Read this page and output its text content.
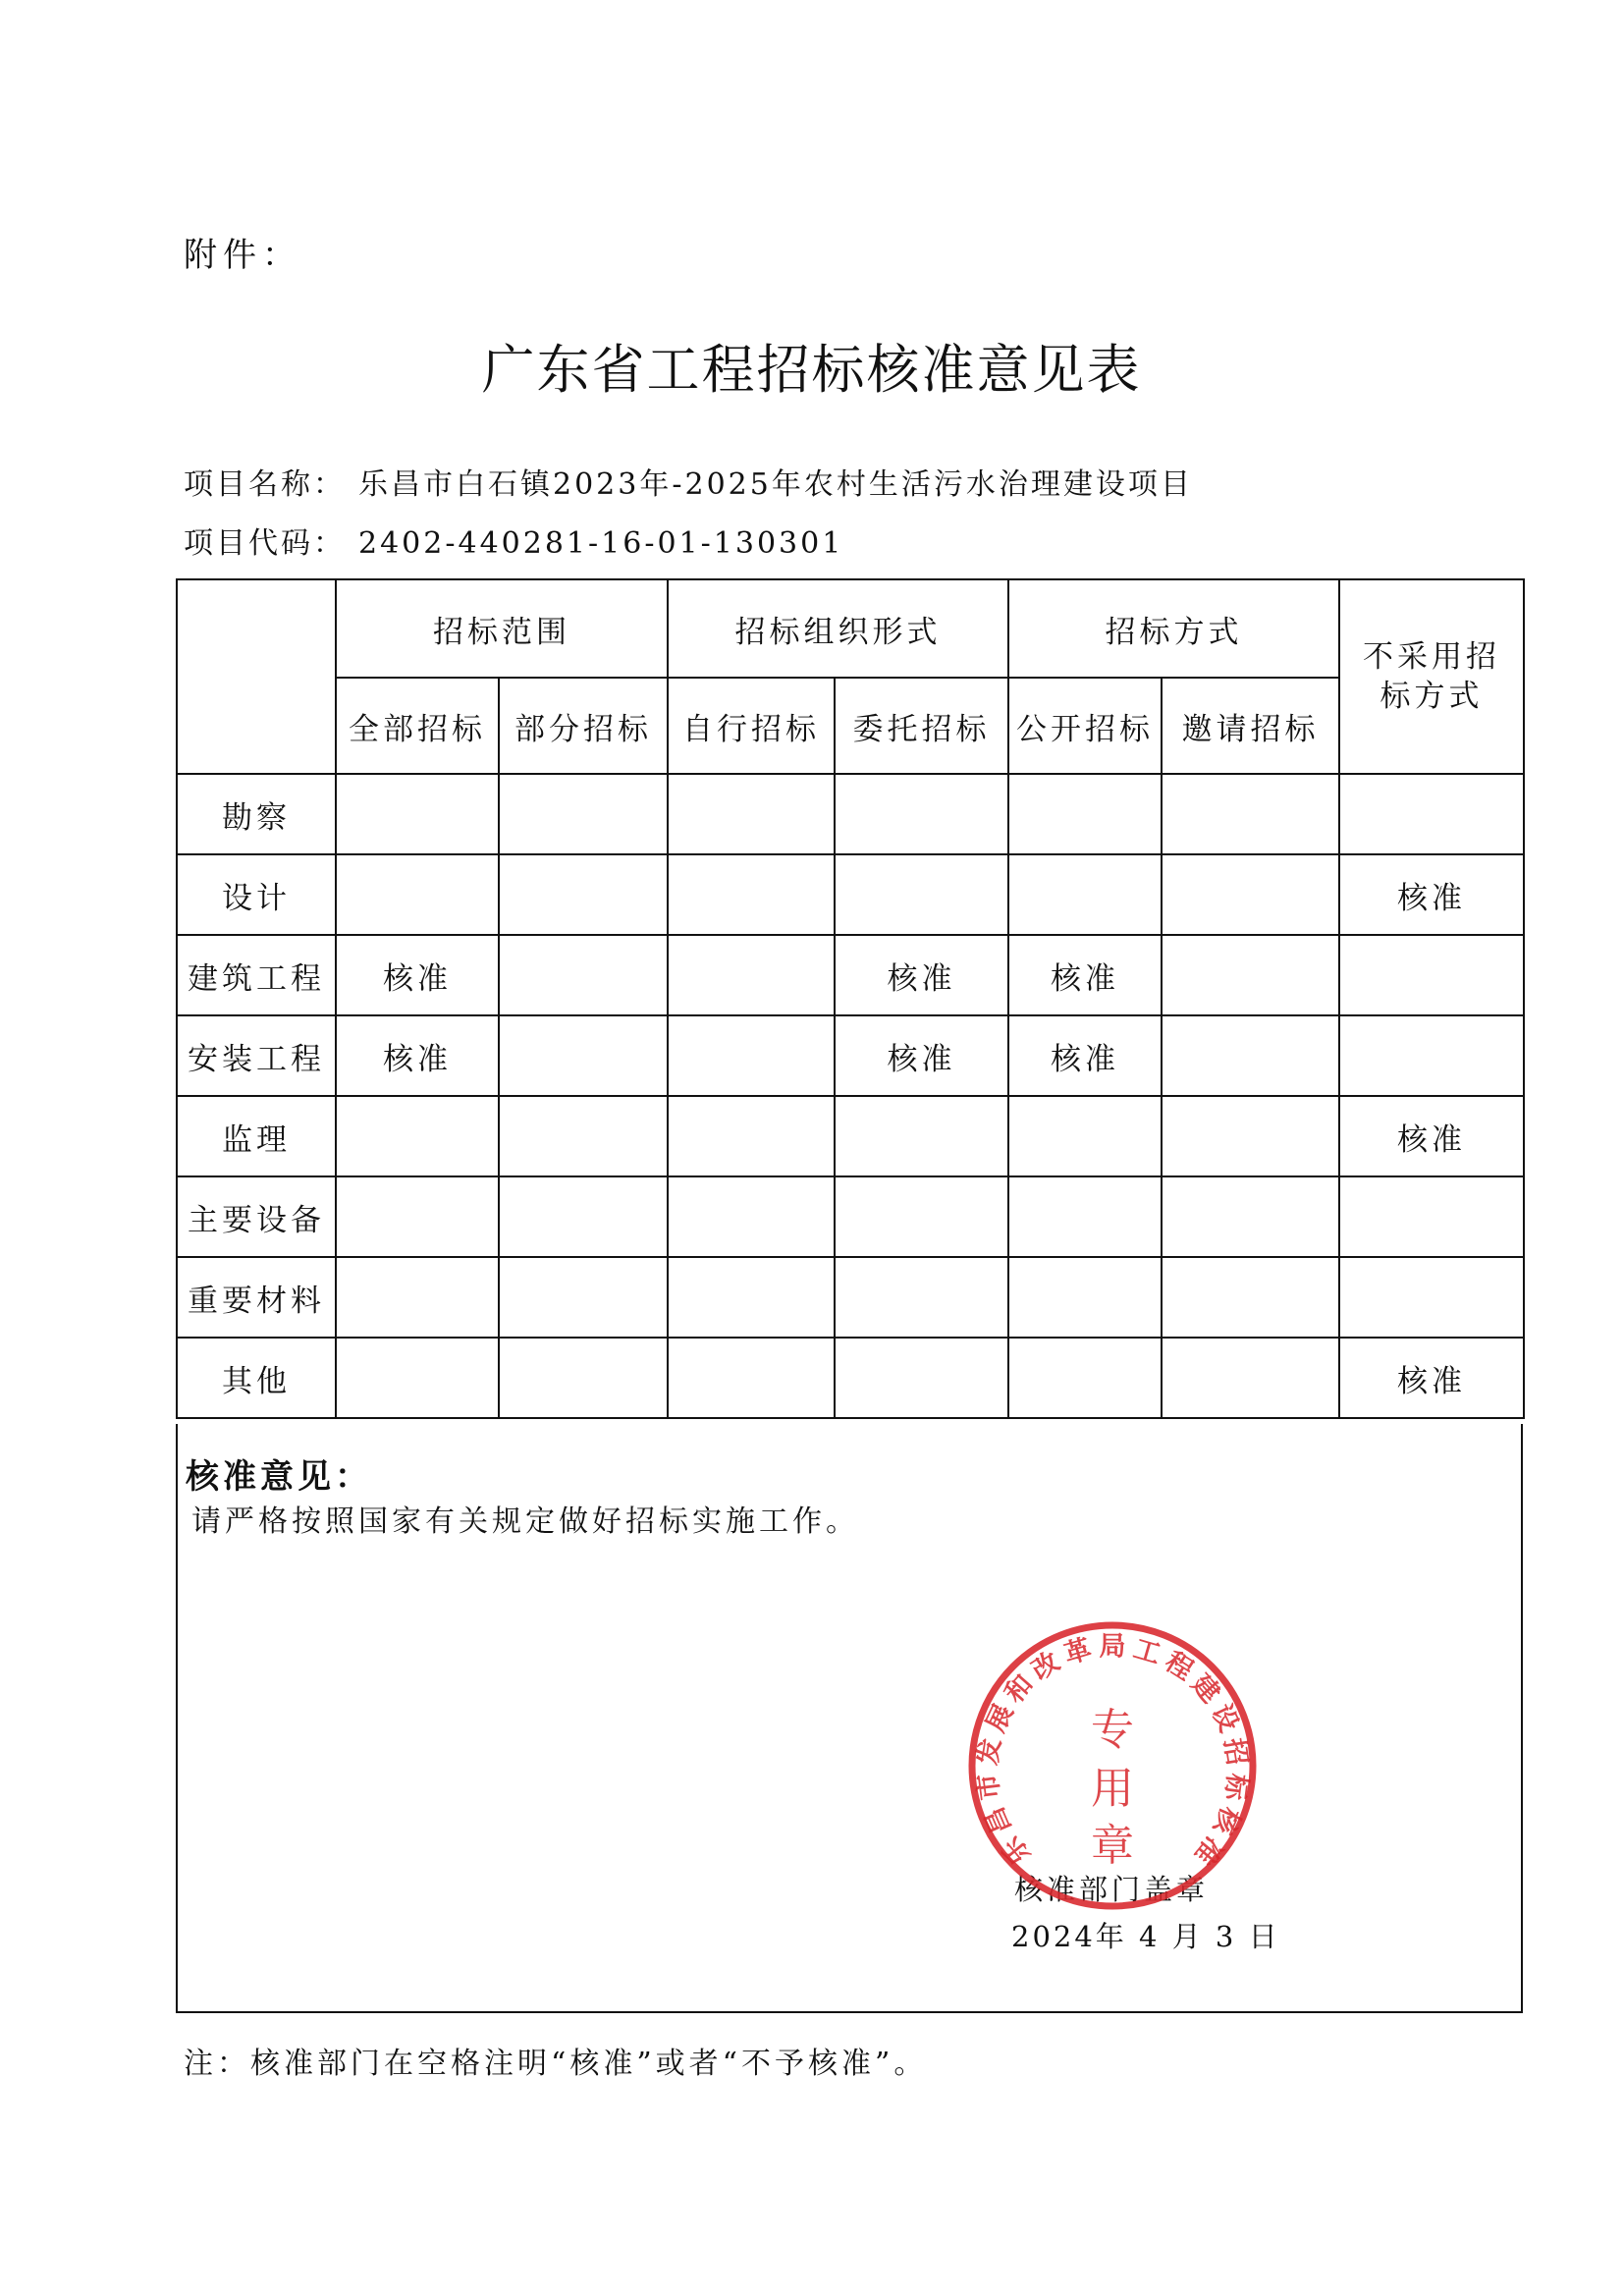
附件：
广东省工程招标核准意见表
项目名称： 乐昌市白石镇2023年-2025年农村生活污水治理建设项目
项目代码： 2402-440281-16-01-130301
	招标范围		招标组织形式		招标方式		不采用招标方式

	全部招标	部分招标	自行招标	委托招标	公开招标	邀请招标	
勘察							
设计							核准
建筑工程	核准			核准	核准		
安装工程	核准			核准	核准		
监理							核准
主要设备							
重要材料							
其他							核准
核准意见：
请严格按照国家有关规定做好招标实施工作。
核准部门盖章
2024年 4 月 3 日
乐昌市发展和改革局工程建设招标核准
专
用
章
注：核准部门在空格注明“核准”或者“不予核准”。
